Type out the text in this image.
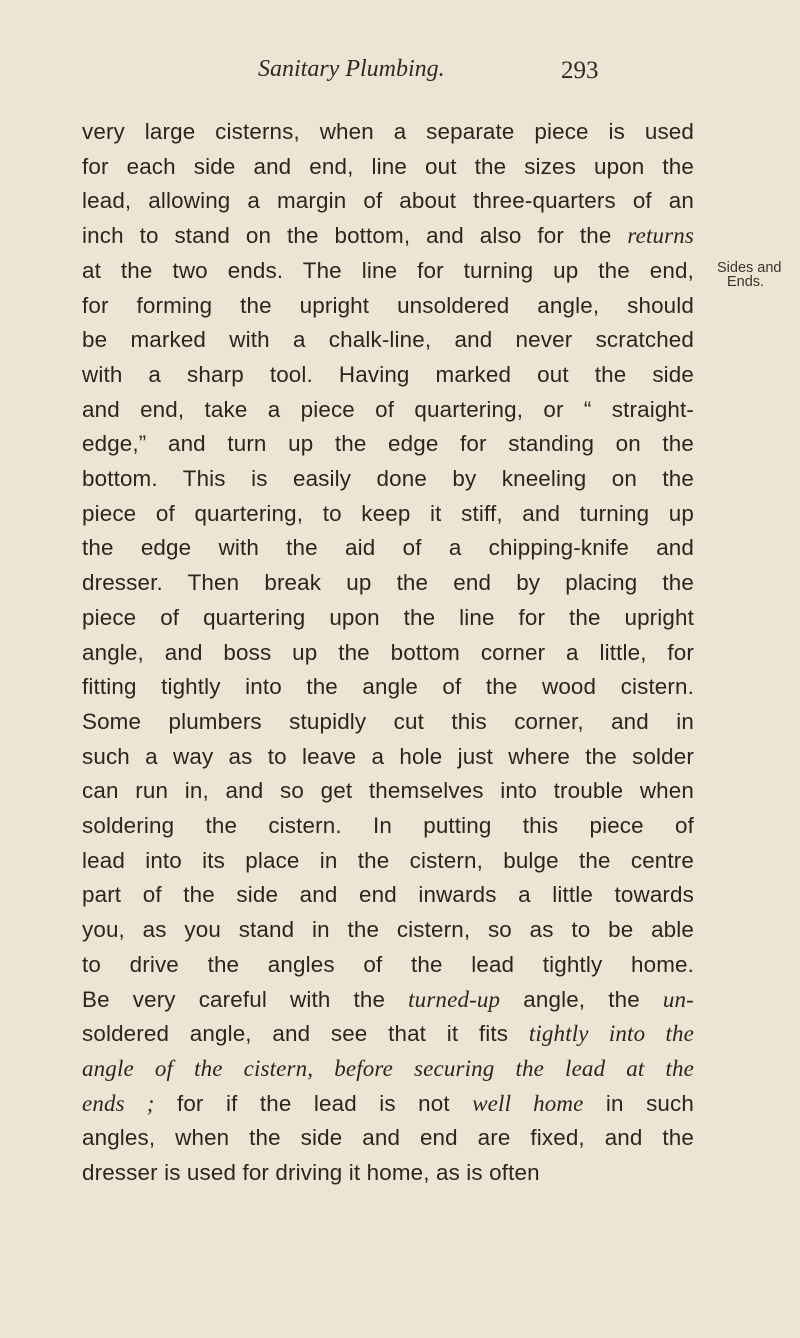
Sanitary Plumbing.	293
Sides and
Ends.
very large cisterns, when a separate piece is used
for each side and end, line out the sizes upon the
lead, allowing a margin of about three-quarters of an
inch to stand on the bottom, and also for the returns
at the two ends. The line for turning up the end,
for forming the upright unsoldered angle, should
be marked with a chalk-line, and never scratched
with a sharp tool. Having marked out the side
and end, take a piece of quartering, or “ straight-
edge,” and turn up the edge for standing on the
bottom. This is easily done by kneeling on the
piece of quartering, to keep it stiff, and turning up
the edge with the aid of a chipping-knife and
dresser. Then break up the end by placing the
piece of quartering upon the line for the upright
angle, and boss up the bottom corner a little, for
fitting tightly into the angle of the wood cistern.
Some plumbers stupidly cut this corner, and in
such a way as to leave a hole just where the solder
can run in, and so get themselves into trouble when
soldering the cistern. In putting this piece of
lead into its place in the cistern, bulge the centre
part of the side and end inwards a little towards
you, as you stand in the cistern, so as to be able
to drive the angles of the lead tightly home.
Be very careful with the turned-up angle, the un-
soldered angle, and see that it fits tightly into the
angle of the cistern, before securing the lead at the
ends ; for if the lead is not well home in such
angles, when the side and end are fixed, and the
dresser is used for driving it home, as is often
